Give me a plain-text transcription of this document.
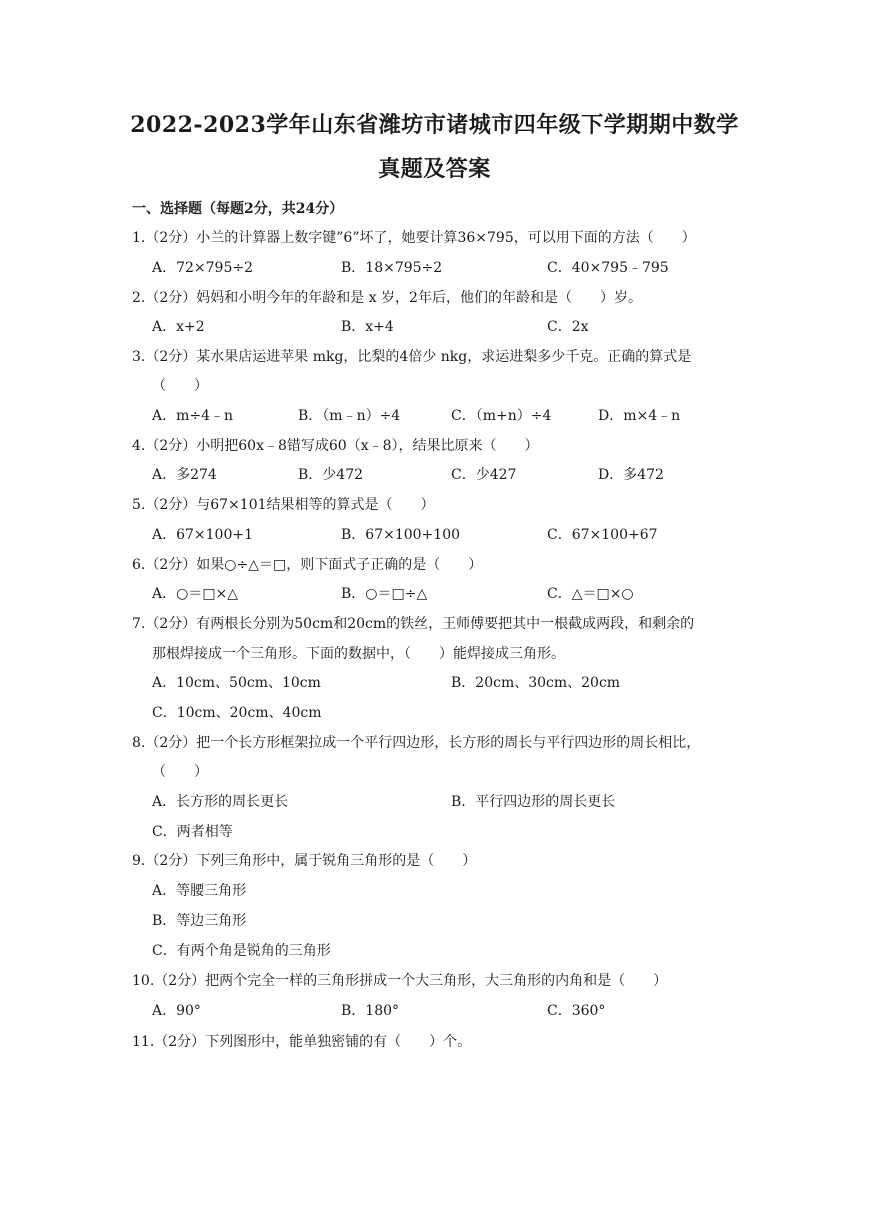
2022-2023学年山东省潍坊市诸城市四年级下学期期中数学
真题及答案
一、选择题（每题2分，共24分）
1.（2分）小兰的计算器上数字键”6”坏了，她要计算36×795，可以用下面的方法（　　）
A．72×795÷2	B．18×795÷2	C．40×795﹣795
2.（2分）妈妈和小明今年的年龄和是 x 岁，2年后，他们的年龄和是（　　）岁。
A．x+2	B．x+4	C．2x
3.（2分）某水果店运进苹果 mkg，比梨的4倍少 nkg，求运进梨多少千克。正确的算式是
（　　）
A．m÷4﹣n	B．（m﹣n）÷4	C．（m+n）÷4	D．m×4﹣n
4.（2分）小明把60x﹣8错写成60（x﹣8），结果比原来（　　）
A．多274	B．少472	C．少427	D．多472
5.（2分）与67×101结果相等的算式是（　　）
A．67×100+1	B．67×100+100	C．67×100+67
6.（2分）如果○÷△＝□，则下面式子正确的是（　　）
A．○＝□×△	B．○＝□÷△	C．△＝□×○
7.（2分）有两根长分别为50cm和20cm的铁丝，王师傅要把其中一根截成两段，和剩余的
那根焊接成一个三角形。下面的数据中，（　　）能焊接成三角形。
A．10cm、50cm、10cm	B．20cm、30cm、20cm
C．10cm、20cm、40cm
8.（2分）把一个长方形框架拉成一个平行四边形，长方形的周长与平行四边形的周长相比，
（　　）
A．长方形的周长更长	B．平行四边形的周长更长
C．两者相等
9.（2分）下列三角形中，属于锐角三角形的是（　　）
A．等腰三角形
B．等边三角形
C．有两个角是锐角的三角形
10.（2分）把两个完全一样的三角形拼成一个大三角形，大三角形的内角和是（　　）
A．90°	B．180°	C．360°
11.（2分）下列图形中，能单独密铺的有（　　）个。
